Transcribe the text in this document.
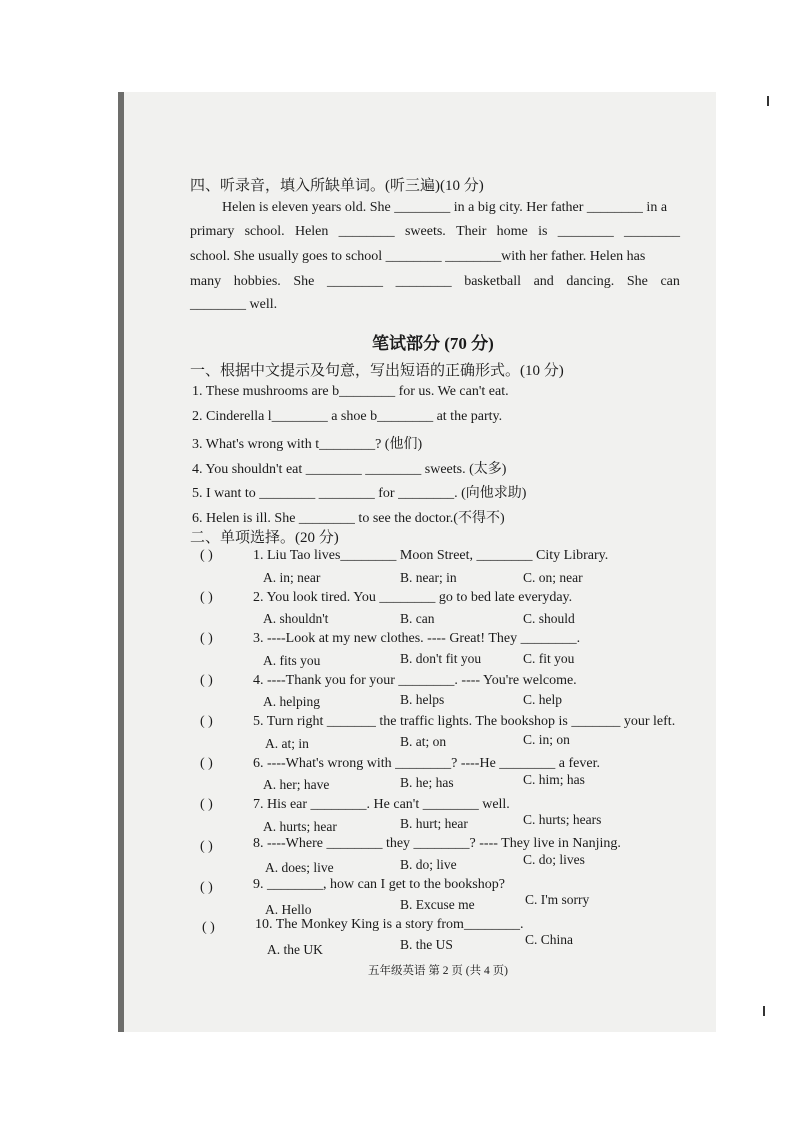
四、听录音，填入所缺单词。(听三遍)(10 分)
Helen is eleven years old. She ________ in a big city. Her father ________ in a
primary school. Helen ________ sweets. Their home is ________ ________
school. She usually goes to school ________ ________with her father. Helen has
many hobbies. She ________ ________ basketball and dancing. She can
________ well.
笔试部分 (70 分)
一、根据中文提示及句意，写出短语的正确形式。(10 分)
1. These mushrooms are b________ for us. We can't eat.
2. Cinderella l________ a shoe b________ at the party.
3. What's wrong with t________? (他们)
4. You shouldn't eat ________ ________ sweets. (太多)
5. I want to ________ ________ for ________. (向他求助)
6. Helen is ill. She ________ to see the doctor.(不得不)
二、单项选择。(20 分)
( )	1. Liu Tao lives________ Moon Street, ________ City Library.
A. in; near	B. near; in	C. on; near
( )	2. You look tired. You ________ go to bed late everyday.
A. shouldn't	B. can	C. should
( )	3. ----Look at my new clothes. ---- Great! They ________.
A. fits you	B. don't fit you	C. fit you
( )	4. ----Thank you for your ________. ---- You're welcome.
A. helping	B. helps	C. help
( )	5. Turn right _______ the traffic lights. The bookshop is _______ your left.
A. at; in	B. at; on	C. in; on
( )	6. ----What's wrong with ________? ----He ________ a fever.
A. her; have	B. he; has	C. him; has
( )	7. His ear ________. He can't ________ well.
A. hurts; hear	B. hurt; hear	C. hurts; hears
( )	8. ----Where ________ they ________? ---- They live in Nanjing.
A. does; live	B. do; live	C. do; lives
( )	9. ________, how can I get to the bookshop?
A. Hello	B. Excuse me	C. I'm sorry
( )	10. The Monkey King is a story from________.
A. the UK	B. the US	C. China
五年级英语 第 2 页 (共 4 页)
